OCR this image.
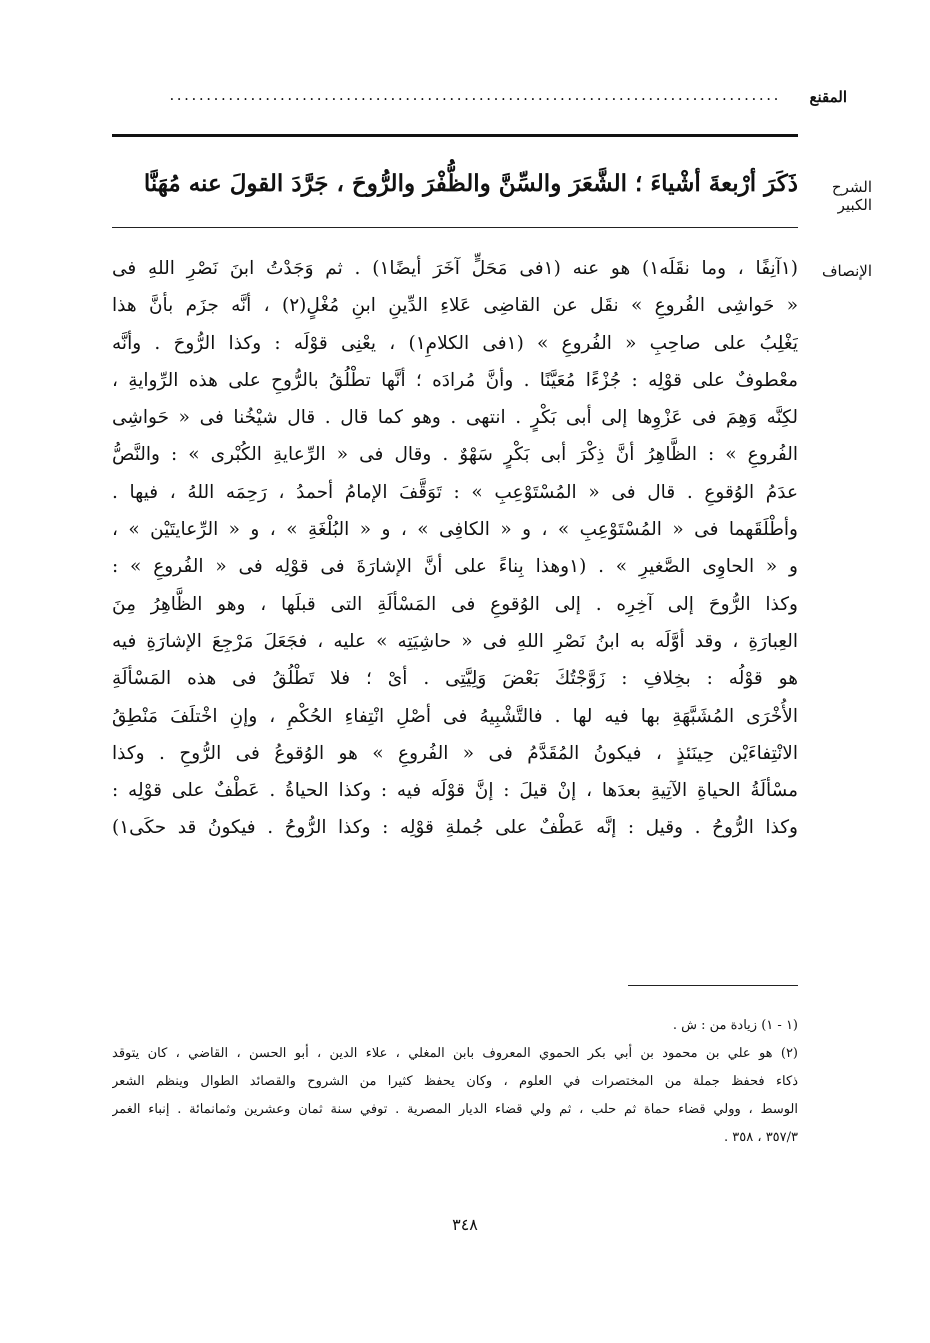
المقنع
...................................................................................
الشرح الكبير
ذَكَرَ أرْبعةَ أشْياءَ ؛ الشَّعَرَ والسِّنَّ والظُّفْرَ والرُّوحَ ، جَرَّدَ القولَ عنه مُهَنَّا
الإنصاف
(١آنِفًا ، وما نقَلَه١) هو عنه (١فى مَحَلٍّ آخَرَ أيضًا١) . ثم وَجَدْتُ ابنَ نَصْرِ اللهِ فى
« حَواشِى الفُروعِ » نقَل عن القاضِى عَلاءِ الدِّينِ ابنِ مُغْلٍ(٢) ، أنَّه جزَم بأنَّ هذا
يَغْلِبُ على صاحِبِ « الفُروعِ » (١فى الكلامِ١) ، يعْنِى قوْلَه : وكذا الرُّوحَ . وأنَّه
معْطوفٌ على قوْلِه : جُزْءًا مُعَيَّنًا . وأنَّ مُرادَه ؛ أنَّها تطْلُقُ بالرُّوحِ على هذه الرِّوايةِ ،
لكِنَّه وَهِمَ فى عَزْوِها إلى أبى بَكْرٍ . انتهى . وهو كما قال . قال شيْخُنا فى « حَواشِى
الفُروعِ » : الظَّاهِرُ أنَّ ذِكْرَ أبى بَكْرٍ سَهْوٌ . وقال فى « الرِّعايةِ الكُبْرى » : والنَّصُّ
عدَمُ الوُقوعِ . قال فى « المُسْتَوْعِبِ » : تَوَقَّفَ الإمامُ أحمدُ ، رَحِمَه اللهُ ، فيها .
وأطْلَقَهما فى « المُسْتَوْعِبِ » ، و « الكافِى » ، و « البُلْغَةِ » ، و « الرِّعايتَيْن » ،
و « الحاوِى الصَّغيرِ » . (١وهذا بِناءً على أنَّ الإشارَةَ فى قوْلِه فى « الفُروعِ » :
وكذا الرُّوحَ إلى آخِرِه . إلى الوُقوعِ فى المَسْألَةِ التى قبلَها ، وهو الظَّاهِرُ مِنَ
العِبارَةِ ، وقد أوَّلَه به ابنُ نَصْرِ اللهِ فى « حاشِيَتِه » عليه ، فجَعَلَ مَرْجِعَ الإشارَةِ فيه
هو قوْلُه : بخِلافِ : زَوَّجْتُكَ بَعْضَ وَلِيَّتِى . أىْ ؛ فلا تَطْلُقُ فى هذه المَسْألَةِ
الأُخْرَى المُشَبَّهَةِ بها فيه لها . فالتَّشْبِيهُ فى أصْلِ انْتِفاءِ الحُكْمِ ، وإنِ اخْتلَفَ مَنْطِقُ
الانْتِفاءَيْن حِينَئذٍ ، فيكونُ المُقَدَّمُ فى « الفُروعِ » هو الوُقوعُ فى الرُّوحِ . وكذا
مسْألَةُ الحياةِ الآتِيةِ بعدَها ، إنْ قيلَ : إنَّ قوْلَه فيه : وكذا الحياةُ . عَطْفٌ على قوْلِه :
وكذا الرُّوحُ . وقيل : إنَّه عَطْفٌ على جُملةِ قوْلِه : وكذا الرُّوحُ . فيكونُ قد حكَى١)
(١ - ١) زيادة من : ش .
(٢) هو علي بن محمود بن أبي بكر الحموي المعروف بابن المغلي ، علاء الدين ، أبو الحسن ، القاضي ، كان يتوقد
ذكاء فحفظ جملة من المختصرات في العلوم ، وكان يحفظ كثيرا من الشروح والقصائد الطوال وينظم الشعر
الوسط ، وولي قضاء حماة ثم حلب ، ثم ولي قضاء الديار المصرية . توفي سنة ثمان وعشرين وثمانمائة . إنباء الغمر
٣٥٧/٣ ، ٣٥٨ .
٣٤٨
